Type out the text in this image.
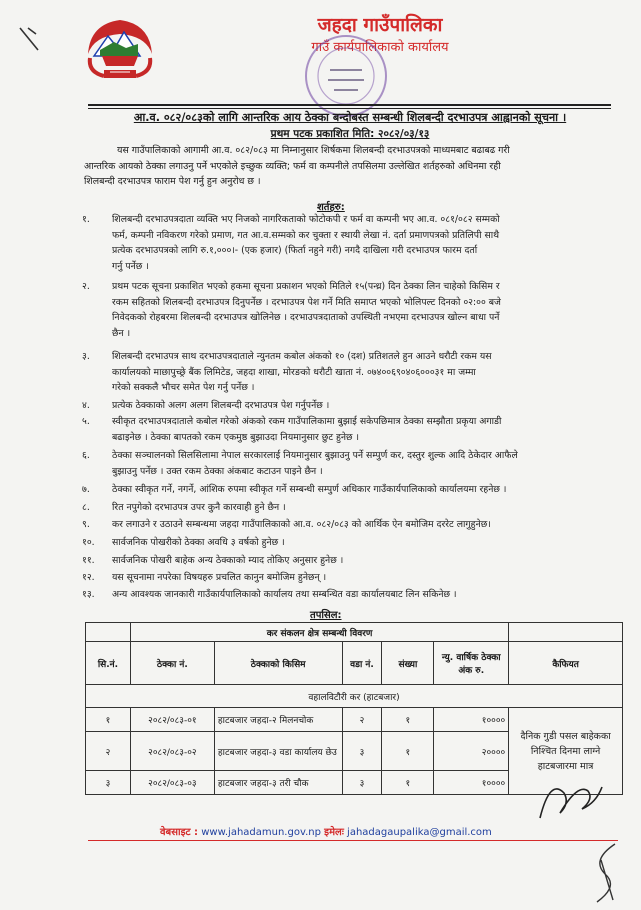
जहदा गाउँपालिका
गाउँ कार्यपालिकाको कार्यालय
आ.व. ०८२/०८३को लागि आन्तरिक आय ठेक्का बन्दोबस्त सम्बन्धी शिलबन्दी दरभाउपत्र आह्वानको सूचना ।
प्रथम पटक प्रकाशित मिति: २०८२/०३/१३
यस गाउँपालिकाको आगामी आ.व. ०८२/०८३ मा निम्नानुसार शिर्षकमा शिलबन्दी दरभाउपत्रको माध्यमबाट बढाबढ गरी
आन्तरिक आयको ठेक्का लगाउनु पर्ने भएकोले इच्छुक व्यक्ति; फर्म वा कम्पनीले तपसिलमा उल्लेखित शर्तहरुको अधिनमा रही
शिलबन्दी दरभाउपत्र फाराम पेश गर्नु हुन अनुरोध छ ।
शर्तहरु:
१.	शिलबन्दी दरभाउपत्रदाता व्यक्ति भए निजको नागरिकताको फोटोकपी र फर्म वा कम्पनी भए आ.व. ०८१/०८२ सम्मको
फर्म, कम्पनी नविकरण गरेको प्रमाण, गत आ.व.सम्मको कर चुक्ता र स्थायी लेखा नं. दर्ता प्रमाणपत्रको प्रतिलिपी साथै
प्रत्येक दरभाउपत्रको लागि रु.१,०००।- (एक हजार) (फिर्ता नहुने गरी) नगदै दाखिला गरी दरभाउपत्र फारम दर्ता
गर्नु पर्नेछ ।
२.	प्रथम पटक सूचना प्रकाशित भएको हकमा सूचना प्रकाशन भएको मितिले १५(पन्ध्र) दिन ठेक्का लिन चाहेको किसिम र
रकम सहितको शिलबन्दी दरभाउपत्र दिनुपर्नेछ । दरभाउपत्र पेश गर्ने मिति समाप्त भएको भोलिपल्ट दिनको ०२:०० बजे
निवेदकको रोहबरमा शिलबन्दी दरभाउपत्र खोलिनेछ । दरभाउपत्रदाताको उपस्थिती नभएमा दरभाउपत्र खोल्न बाधा पर्ने
छैन ।
३.	शिलबन्दी दरभाउपत्र साथ दरभाउपत्रदाताले न्युनतम कबोल अंकको १० (दश) प्रतिशतले हुन आउने धरौटी रकम यस
कार्यालयको माछापुच्छ्रे बैंक लिमिटेड, जहदा शाखा, मोरङको धरौटी खाता नं. ०७४००६९०४०६०००३१ मा जम्मा
गरेको सक्कलै भौचर समेत पेश गर्नु पर्नेछ ।
४.	प्रत्येक ठेक्काको अलग अलग शिलबन्दी दरभाउपत्र पेश गर्नुपर्नेछ ।
५.	स्वीकृत दरभाउपत्रदाताले कबोल गरेको अंकको रकम गाउँपालिकामा बुझाई सकेपछिमात्र ठेक्का सम्झौता प्रकृया अगाडी
बढाइनेछ । ठेक्का बापतको रकम एकमुष्ठ बुझाउदा नियमानुसार छुट हुनेछ ।
६.	ठेक्का सञ्चालनको सिलसिलामा नेपाल सरकारलाई नियमानुसार बुझाउनु पर्ने सम्पुर्ण कर, दस्तुर शुल्क आदि ठेकेदार आफैले
बुझाउनु पर्नेछ । उक्त रकम ठेक्का अंकबाट कटाउन पाइने छैन ।
७.	ठेक्का स्वीकृत गर्ने, नगर्ने, आंशिक रुपमा स्वीकृत गर्ने सम्बन्धी सम्पुर्ण अधिकार गाउँकार्यपालिकाको कार्यालयमा रहनेछ ।
८.	रित नपुगेको दरभाउपत्र उपर कुनै कारवाही हुने छैन ।
९.	कर लगाउने र उठाउने सम्बन्धमा जहदा गाउँपालिकाको आ.व. ०८२/०८३ को आर्थिक ऐन बमोजिम दररेट लागुहुनेछ।
१०.	सार्वजनिक पोखरीको ठेक्का अवधि ३ वर्षको हुनेछ ।
११.	सार्वजनिक पोखरी बाहेक अन्य ठेक्काको म्याद तोकिए अनुसार हुनेछ ।
१२.	यस सूचनामा नपरेका विषयहरु प्रचलित कानुन बमोजिम हुनेछन् ।
१३.	अन्य आवश्यक जानकारी गाउँकार्यपालिकाको कार्यालय तथा सम्बन्धित वडा कार्यालयबाट लिन सकिनेछ ।
तपसिल:
	कर संकलन क्षेत्र सम्बन्धी विवरण					
सि.नं.	ठेक्का नं.	ठेक्काको किसिम	वडा नं.	संख्या	न्यु. वार्षिक ठेक्का अंक रु.	कैफियत
वहालविटौरी कर (हाटबजार)						
१	२०८२/०८३-०१	हाटबजार जहदा-२ मिलनचोक	२	१	१००००	दैनिक गुडी पसल बाहेकका निश्चित दिनमा लाग्ने हाटबजारमा मात्र
२	२०८२/०८३-०२	हाटबजार जहदा-३ वडा कार्यालय छेउ	३	१	२००००	
३	२०८२/०८३-०३	हाटबजार जहदा-३ तरी चौक	३	१	१००००	
वेबसाइट : www.jahadamun.gov.np इमेलः jahadagaupalika@gmail.com
